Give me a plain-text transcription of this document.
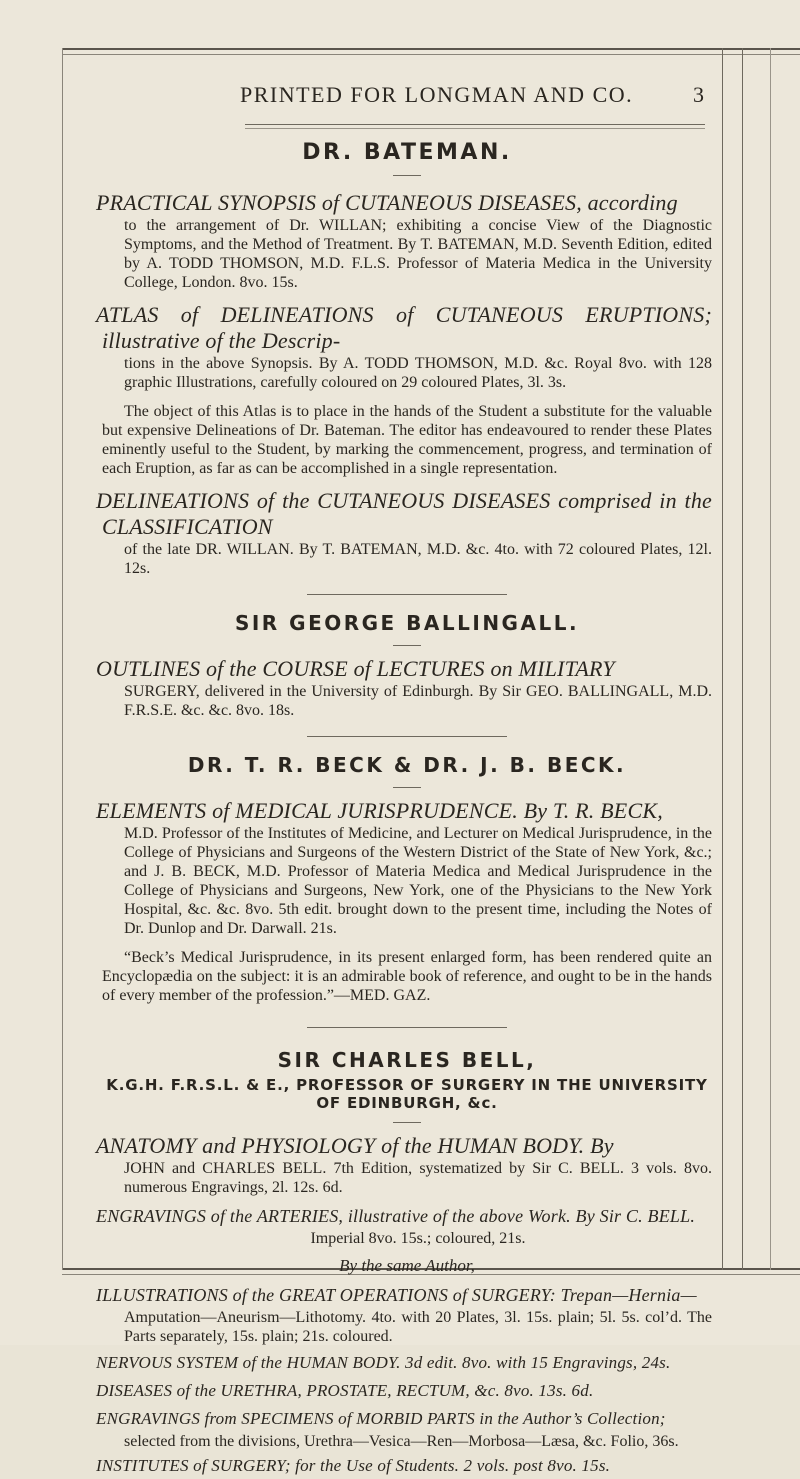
PRINTED FOR LONGMAN AND CO.	3
DR. BATEMAN.

PRACTICAL SYNOPSIS of CUTANEOUS DISEASES, according

to the arrangement of Dr. WILLAN; exhibiting a concise View of the Diagnostic Symptoms, and the Method of Treatment. By T. BATEMAN, M.D. Seventh Edition, edited by A. TODD THOMSON, M.D. F.L.S. Professor of Materia Medica in the University College, London. 8vo. 15s.

ATLAS of DELINEATIONS of CUTANEOUS ERUPTIONS; illustrative of the Descrip-

tions in the above Synopsis. By A. TODD THOMSON, M.D. &c. Royal 8vo. with 128 graphic Illustrations, carefully coloured on 29 coloured Plates, 3l. 3s.

The object of this Atlas is to place in the hands of the Student a substitute for the valuable but expensive Delineations of Dr. Bateman. The editor has endeavoured to render these Plates eminently useful to the Student, by marking the commencement, progress, and termination of each Eruption, as far as can be accomplished in a single representation.

DELINEATIONS of the CUTANEOUS DISEASES comprised in the CLASSIFICATION

of the late DR. WILLAN. By T. BATEMAN, M.D. &c. 4to. with 72 coloured Plates, 12l. 12s.

SIR GEORGE BALLINGALL.

OUTLINES of the COURSE of LECTURES on MILITARY

SURGERY, delivered in the University of Edinburgh. By Sir GEO. BALLINGALL, M.D. F.R.S.E. &c. &c. 8vo. 18s.

DR. T. R. BECK & DR. J. B. BECK.

ELEMENTS of MEDICAL JURISPRUDENCE. By T. R. BECK,

M.D. Professor of the Institutes of Medicine, and Lecturer on Medical Jurisprudence, in the College of Physicians and Surgeons of the Western District of the State of New York, &c.; and J. B. BECK, M.D. Professor of Materia Medica and Medical Jurisprudence in the College of Physicians and Surgeons, New York, one of the Physicians to the New York Hospital, &c. &c. 8vo. 5th edit. brought down to the present time, including the Notes of Dr. Dunlop and Dr. Darwall. 21s.

“Beck’s Medical Jurisprudence, in its present enlarged form, has been rendered quite an Encyclopædia on the subject: it is an admirable book of reference, and ought to be in the hands of every member of the profession.”—MED. GAZ.

SIR CHARLES BELL,

K.G.H. F.R.S.L. & E., PROFESSOR OF SURGERY IN THE UNIVERSITY OF EDINBURGH, &c.

ANATOMY and PHYSIOLOGY of the HUMAN BODY. By

JOHN and CHARLES BELL. 7th Edition, systematized by Sir C. BELL. 3 vols. 8vo. numerous Engravings, 2l. 12s. 6d.

ENGRAVINGS of the ARTERIES, illustrative of the above Work. By Sir C. BELL.

Imperial 8vo. 15s.; coloured, 21s.

By the same Author,

ILLUSTRATIONS of the GREAT OPERATIONS of SURGERY: Trepan—Hernia—

Amputation—Aneurism—Lithotomy. 4to. with 20 Plates, 3l. 15s. plain; 5l. 5s. col’d. The Parts separately, 15s. plain; 21s. coloured.

NERVOUS SYSTEM of the HUMAN BODY. 3d edit. 8vo. with 15 Engravings, 24s.

DISEASES of the URETHRA, PROSTATE, RECTUM, &c. 8vo. 13s. 6d.

ENGRAVINGS from SPECIMENS of MORBID PARTS in the Author’s Collection;

selected from the divisions, Urethra—Vesica—Ren—Morbosa—Læsa, &c. Folio, 36s.

INSTITUTES of SURGERY; for the Use of Students. 2 vols. post 8vo. 15s.
